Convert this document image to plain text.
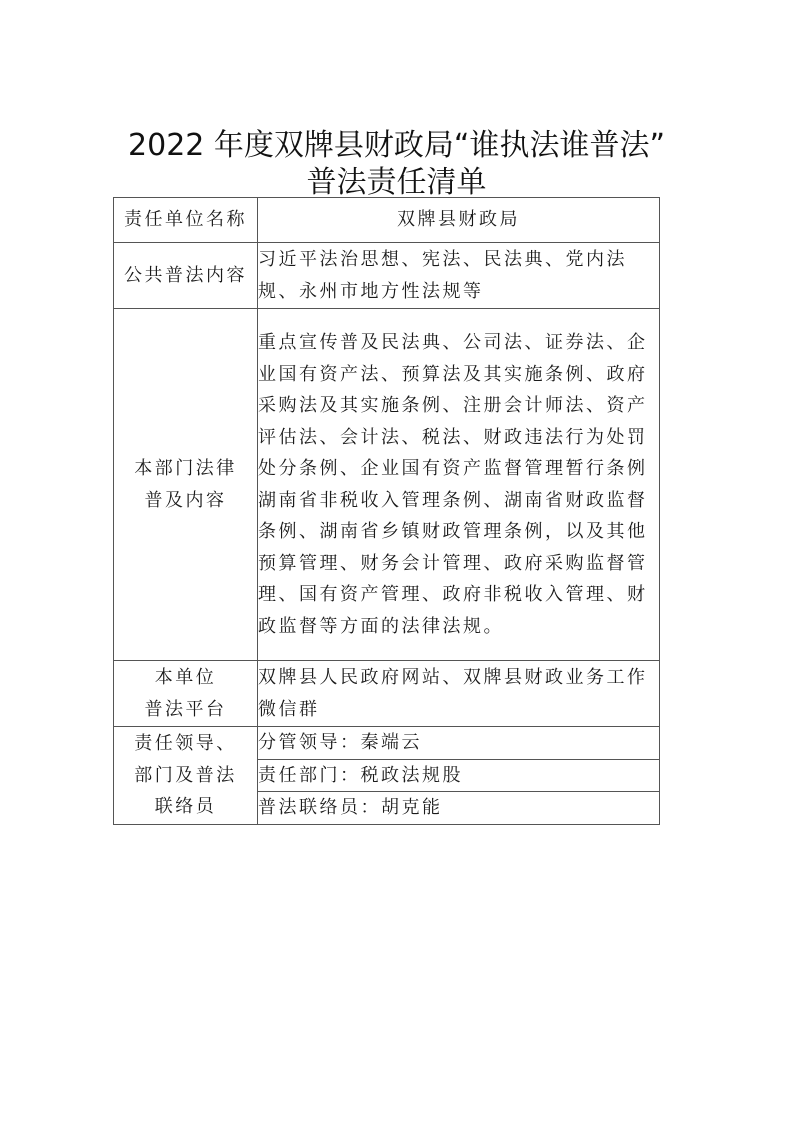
2022 年度双牌县财政局“谁执法谁普法”
普法责任清单
责任单位名称	双牌县财政局
公共普法内容	习近平法治思想、宪法、民法典、党内法规、永州市地方性法规等

本部门法律
普及内容	重点宣传普及民法典、公司法、证券法、企业国有资产法、预算法及其实施条例、政府采购法及其实施条例、注册会计师法、资产评估法、会计法、税法、财政违法行为处罚处分条例、企业国有资产监督管理暂行条例湖南省非税收入管理条例、湖南省财政监督条例、湖南省乡镇财政管理条例，以及其他预算管理、财务会计管理、政府采购监督管理、国有资产管理、政府非税收入管理、财政监督等方面的法律法规。

本单位
普法平台	双牌县人民政府网站、双牌县财政业务工作微信群

责任领导、
部门及普法
联络员	分管领导：秦端云
	责任部门：税政法规股
	普法联络员：胡克能
